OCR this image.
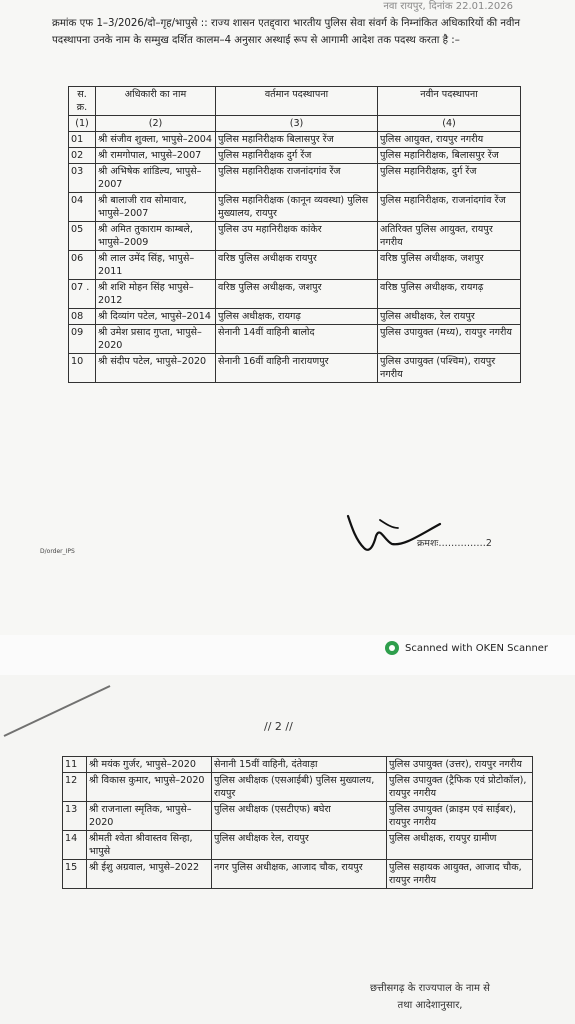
नवा रायपुर, दिनांक 22.01.2026
क्रमांक एफ 1–3/2026/दो–गृह/भापुसे :: राज्य शासन एतद्द्वारा भारतीय पुलिस सेवा संवर्ग के निम्नांकित अधिकारियों की नवीन पदस्थापना उनके नाम के सम्मुख दर्शित कालम–4 अनुसार अस्थाई रूप से आगामी आदेश तक पदस्थ करता है :–
स. क्र.	अधिकारी का नाम	वर्तमान पदस्थापना	नवीन पदस्थापना
(1)	(2)	(3)	(4)
01	श्री संजीव शुक्ला, भापुसे–2004	पुलिस महानिरीक्षक बिलासपुर रेंज	पुलिस आयुक्त, रायपुर नगरीय
02	श्री रामगोपाल, भापुसे–2007	पुलिस महानिरीक्षक दुर्ग रेंज	पुलिस महानिरीक्षक, बिलासपुर रेंज
03	श्री अभिषेक शांडिल्य, भापुसे–2007	पुलिस महानिरीक्षक राजनांदगांव रेंज	पुलिस महानिरीक्षक, दुर्ग रेंज
04	श्री बालाजी राव सोमावार, भापुसे–2007	पुलिस महानिरीक्षक (कानून व्यवस्था) पुलिस मुख्यालय, रायपुर	पुलिस महानिरीक्षक, राजनांदगांव रेंज
05	श्री अमित तुकाराम काम्बले, भापुसे–2009	पुलिस उप महानिरीक्षक कांकेर	अतिरिक्त पुलिस आयुक्त, रायपुर नगरीय
06	श्री लाल उमेंद सिंह, भापुसे–2011	वरिष्ठ पुलिस अधीक्षक रायपुर	वरिष्ठ पुलिस अधीक्षक, जशपुर
07 .	श्री शशि मोहन सिंह भापुसे– 2012	वरिष्ठ पुलिस अधीक्षक, जशपुर	वरिष्ठ पुलिस अधीक्षक, रायगढ़
08	श्री दिव्यांग पटेल, भापुसे–2014	पुलिस अधीक्षक, रायगढ़	पुलिस अधीक्षक, रेल रायपुर
09	श्री उमेश प्रसाद गुप्ता, भापुसे–2020	सेनानी 14वीं वाहिनी बालोद	पुलिस उपायुक्त (मध्य), रायपुर नगरीय
10	श्री संदीप पटेल, भापुसे–2020	सेनानी 16वीं वाहिनी नारायणपुर	पुलिस उपायुक्त (पश्चिम), रायपुर नगरीय
क्रमशः……………2
D/order_IPS
Scanned with OKEN Scanner
// 2 //
11	श्री मयंक गुर्जर, भापुसे–2020	सेनानी 15वीं वाहिनी, दंतेवाड़ा	पुलिस उपायुक्त (उत्तर), रायपुर नगरीय
12	श्री विकास कुमार, भापुसे–2020	पुलिस अधीक्षक (एसआईबी) पुलिस मुख्यालय, रायपुर	पुलिस उपायुक्त (ट्रैफिक एवं प्रोटोकॉल), रायपुर नगरीय
13	श्री राजनाला स्मृतिक, भापुसे–2020	पुलिस अधीक्षक (एसटीएफ) बघेरा	पुलिस उपायुक्त (क्राइम एवं साईबर), रायपुर नगरीय
14	श्रीमती श्वेता श्रीवास्तव सिन्हा, भापुसे	पुलिस अधीक्षक रेल, रायपुर	पुलिस अधीक्षक, रायपुर ग्रामीण
15	श्री ईशु अग्रवाल, भापुसे–2022	नगर पुलिस अधीक्षक, आजाद चौक, रायपुर	पुलिस सहायक आयुक्त, आजाद चौक, रायपुर नगरीय
छत्तीसगढ़ के राज्यपाल के नाम से
तथा आदेशानुसार,
